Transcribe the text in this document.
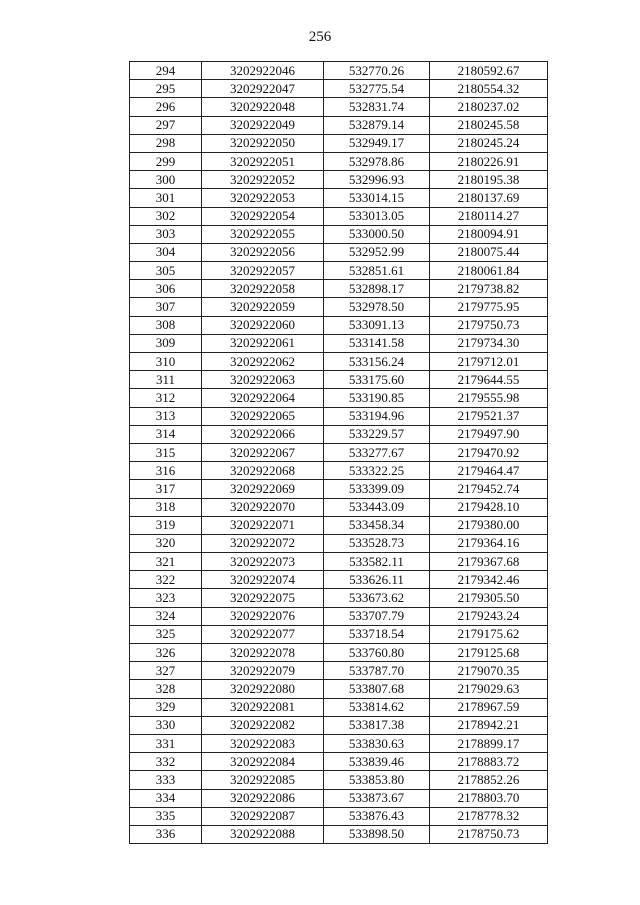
256
294	3202922046	532770.26	2180592.67
295	3202922047	532775.54	2180554.32
296	3202922048	532831.74	2180237.02
297	3202922049	532879.14	2180245.58
298	3202922050	532949.17	2180245.24
299	3202922051	532978.86	2180226.91
300	3202922052	532996.93	2180195.38
301	3202922053	533014.15	2180137.69
302	3202922054	533013.05	2180114.27
303	3202922055	533000.50	2180094.91
304	3202922056	532952.99	2180075.44
305	3202922057	532851.61	2180061.84
306	3202922058	532898.17	2179738.82
307	3202922059	532978.50	2179775.95
308	3202922060	533091.13	2179750.73
309	3202922061	533141.58	2179734.30
310	3202922062	533156.24	2179712.01
311	3202922063	533175.60	2179644.55
312	3202922064	533190.85	2179555.98
313	3202922065	533194.96	2179521.37
314	3202922066	533229.57	2179497.90
315	3202922067	533277.67	2179470.92
316	3202922068	533322.25	2179464.47
317	3202922069	533399.09	2179452.74
318	3202922070	533443.09	2179428.10
319	3202922071	533458.34	2179380.00
320	3202922072	533528.73	2179364.16
321	3202922073	533582.11	2179367.68
322	3202922074	533626.11	2179342.46
323	3202922075	533673.62	2179305.50
324	3202922076	533707.79	2179243.24
325	3202922077	533718.54	2179175.62
326	3202922078	533760.80	2179125.68
327	3202922079	533787.70	2179070.35
328	3202922080	533807.68	2179029.63
329	3202922081	533814.62	2178967.59
330	3202922082	533817.38	2178942.21
331	3202922083	533830.63	2178899.17
332	3202922084	533839.46	2178883.72
333	3202922085	533853.80	2178852.26
334	3202922086	533873.67	2178803.70
335	3202922087	533876.43	2178778.32
336	3202922088	533898.50	2178750.73
